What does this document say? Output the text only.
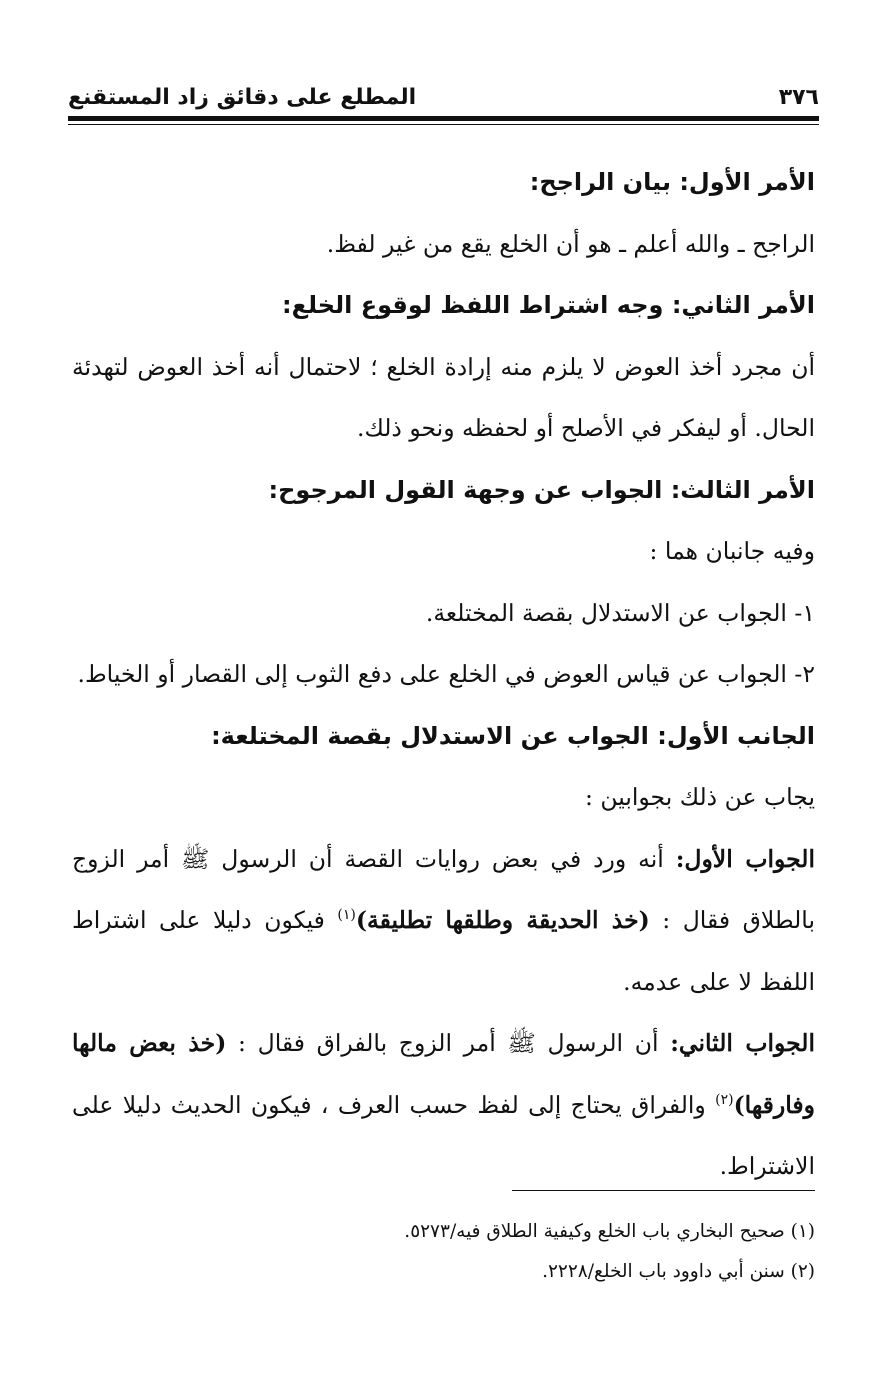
٣٧٦
المطلع على دقائق زاد المستقنع

الأمر الأول: بيان الراجح:

الراجح ـ والله أعلم ـ هو أن الخلع يقع من غير لفظ.

الأمر الثاني: وجه اشتراط اللفظ لوقوع الخلع:

أن مجرد أخذ العوض لا يلزم منه إرادة الخلع ؛ لاحتمال أنه أخذ العوض لتهدئة الحال. أو ليفكر في الأصلح أو لحفظه ونحو ذلك.

الأمر الثالث: الجواب عن وجهة القول المرجوح:

وفيه جانبان هما :

١- الجواب عن الاستدلال بقصة المختلعة.

٢- الجواب عن قياس العوض في الخلع على دفع الثوب إلى القصار أو الخياط.

الجانب الأول: الجواب عن الاستدلال بقصة المختلعة:

يجاب عن ذلك بجوابين :

الجواب الأول: أنه ورد في بعض روايات القصة أن الرسول ﷺ أمر الزوج بالطلاق فقال : (خذ الحديقة وطلقها تطليقة)$^{(١)}$ فيكون دليلا على اشتراط اللفظ لا على عدمه.

الجواب الثاني: أن الرسول ﷺ أمر الزوج بالفراق فقال : (خذ بعض مالها وفارقها)$^{(٢)}$ والفراق يحتاج إلى لفظ حسب العرف ، فيكون الحديث دليلا على الاشتراط.

(١) صحيح البخاري باب الخلع وكيفية الطلاق فيه/٥٢٧٣.

(٢) سنن أبي داوود باب الخلع/٢٢٢٨.
